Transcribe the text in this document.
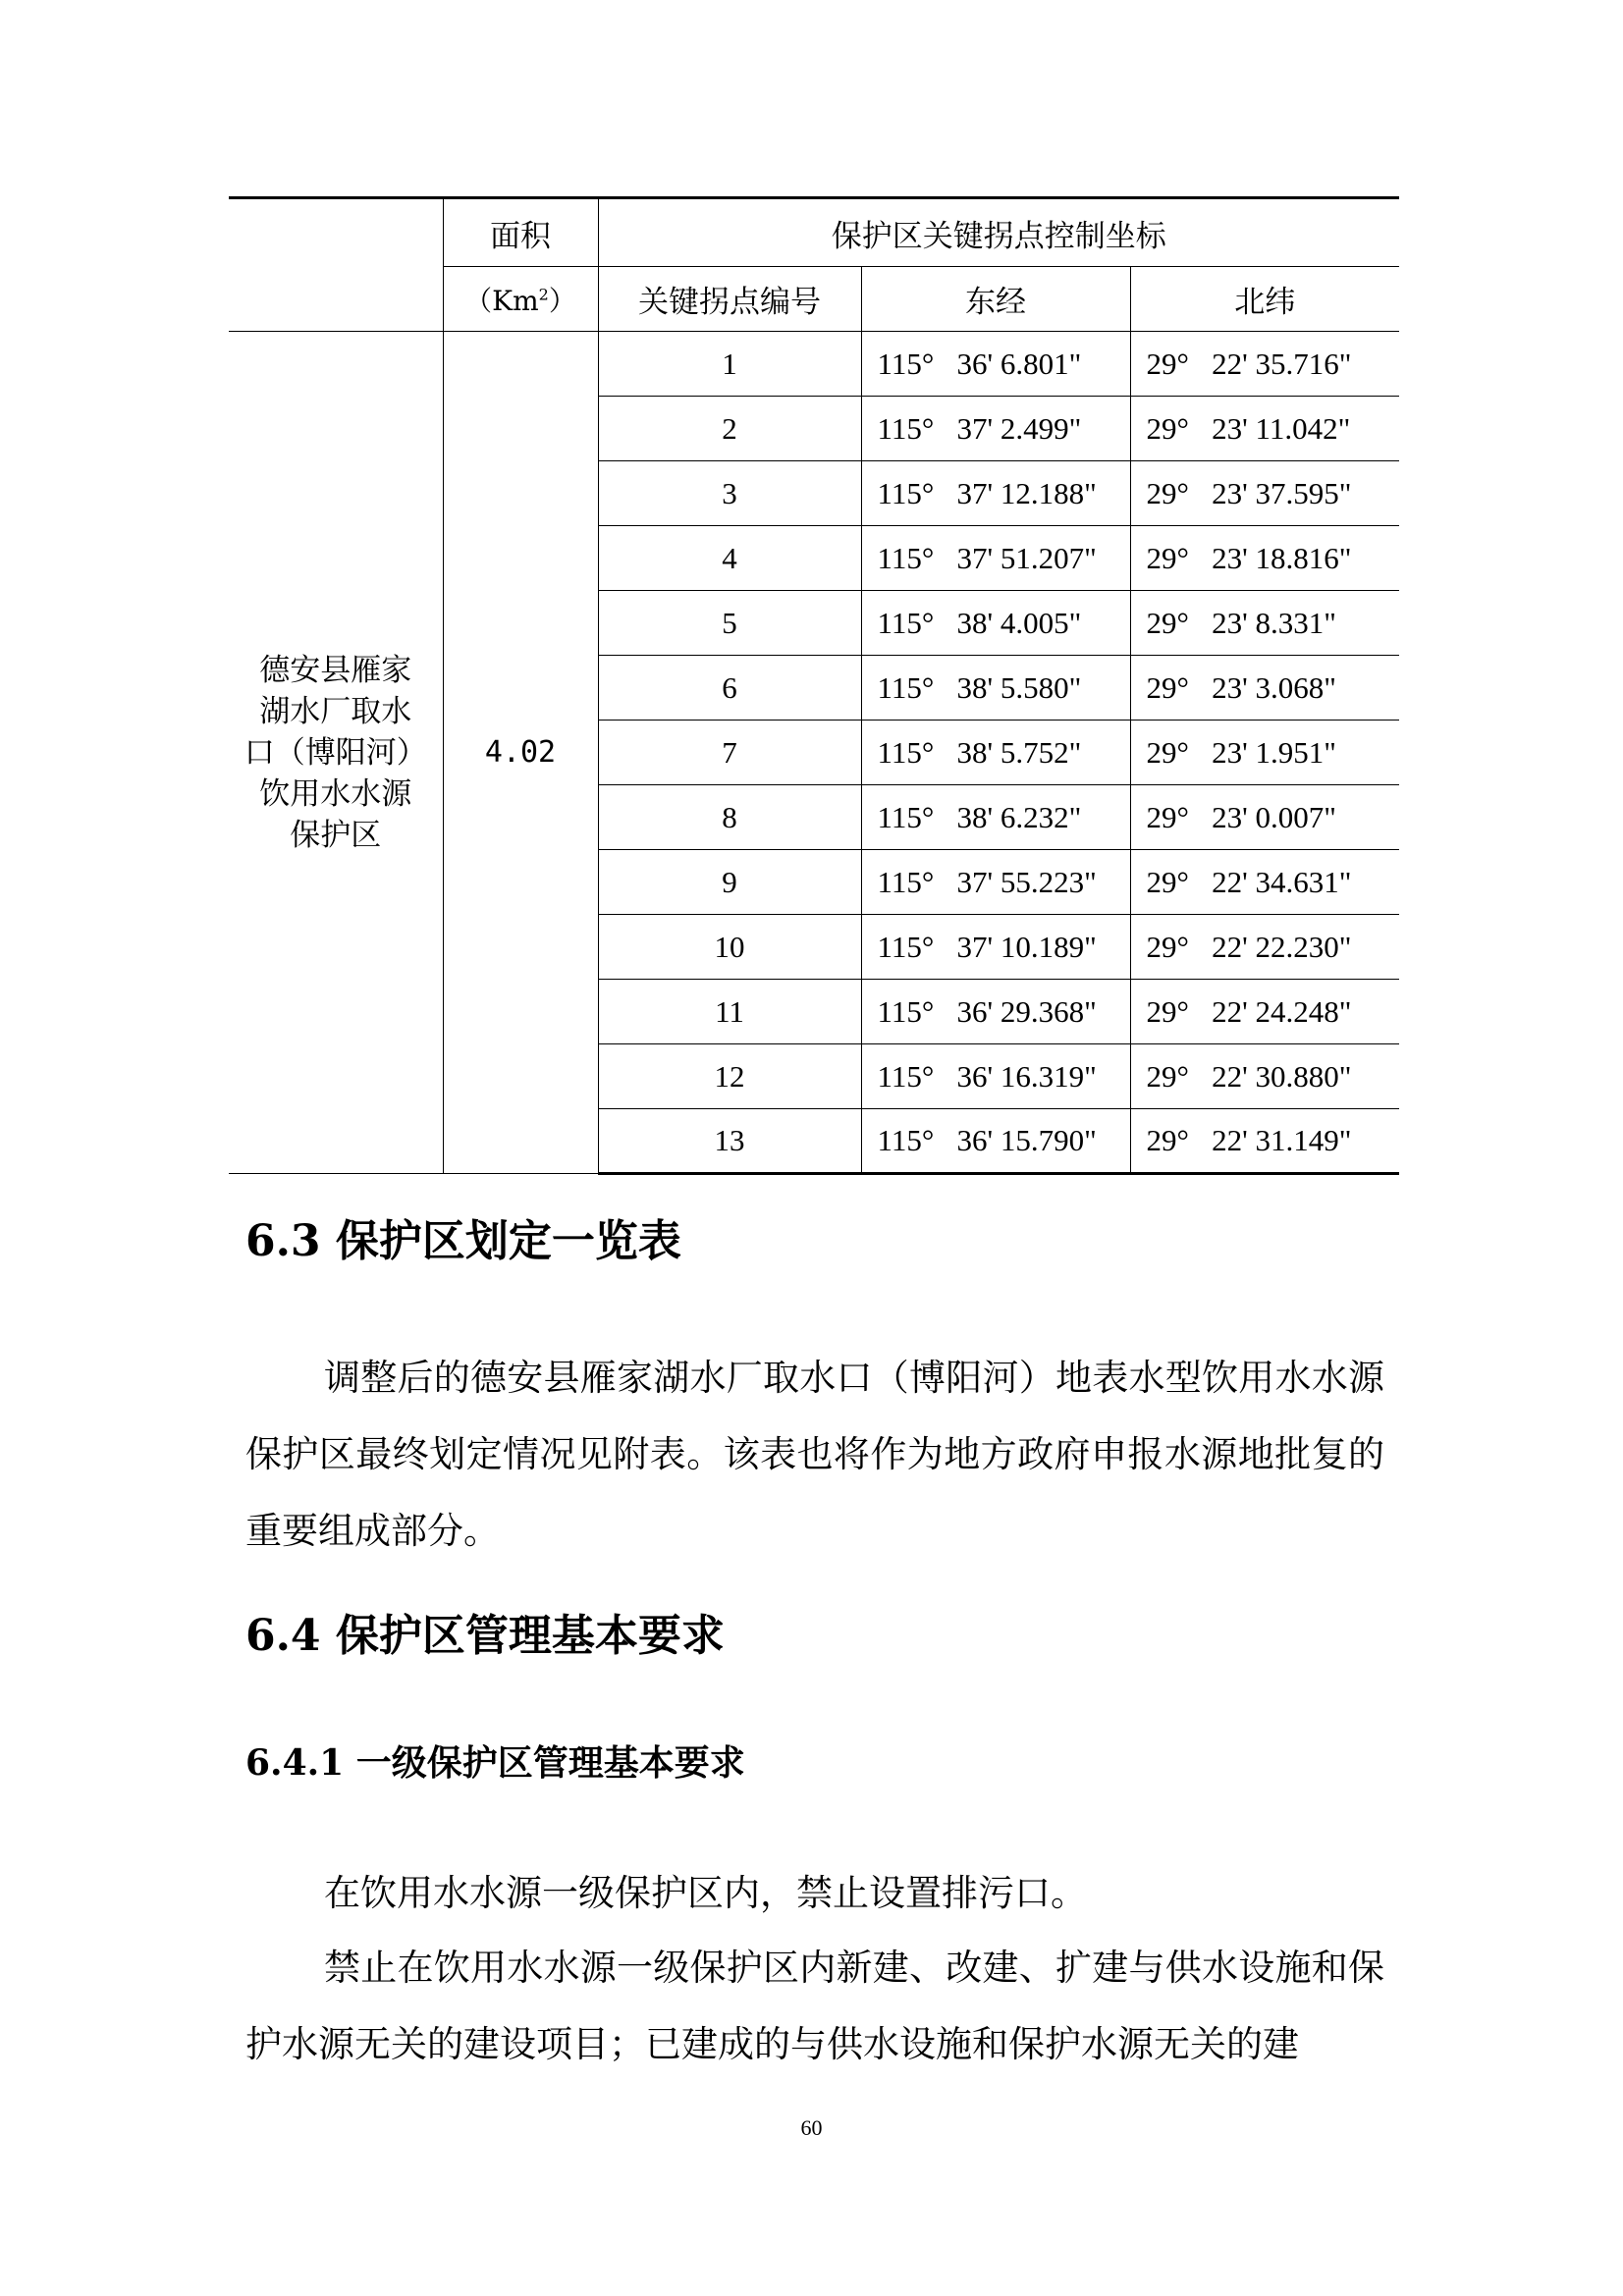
	面积	保护区关键拐点控制坐标		
	（Km$^2$）	关键拐点编号	东经	北纬

德安县雁家
湖水厂取水
口（博阳河）
饮用水水源
保护区	4.02	1	115°   36' 6.801"	29°   22' 35.716"
		2	115°   37' 2.499"	29°   23' 11.042"
		3	115°   37' 12.188"	29°   23' 37.595"
		4	115°   37' 51.207"	29°   23' 18.816"
		5	115°   38' 4.005"	29°   23' 8.331"
		6	115°   38' 5.580"	29°   23' 3.068"
		7	115°   38' 5.752"	29°   23' 1.951"
		8	115°   38' 6.232"	29°   23' 0.007"
		9	115°   37' 55.223"	29°   22' 34.631"
		10	115°   37' 10.189"	29°   22' 22.230"
		11	115°   36' 29.368"	29°   22' 24.248"
		12	115°   36' 16.319"	29°   22' 30.880"
		13	115°   36' 15.790"	29°   22' 31.149"
6.3 保护区划定一览表

调整后的德安县雁家湖水厂取水口（博阳河）地表水型饮用水水源保护区最终划定情况见附表。该表也将作为地方政府申报水源地批复的重要组成部分。

6.4 保护区管理基本要求
6.4.1 一级保护区管理基本要求

在饮用水水源一级保护区内，禁止设置排污口。

禁止在饮用水水源一级保护区内新建、改建、扩建与供水设施和保护水源无关的建设项目；已建成的与供水设施和保护水源无关的建

60
